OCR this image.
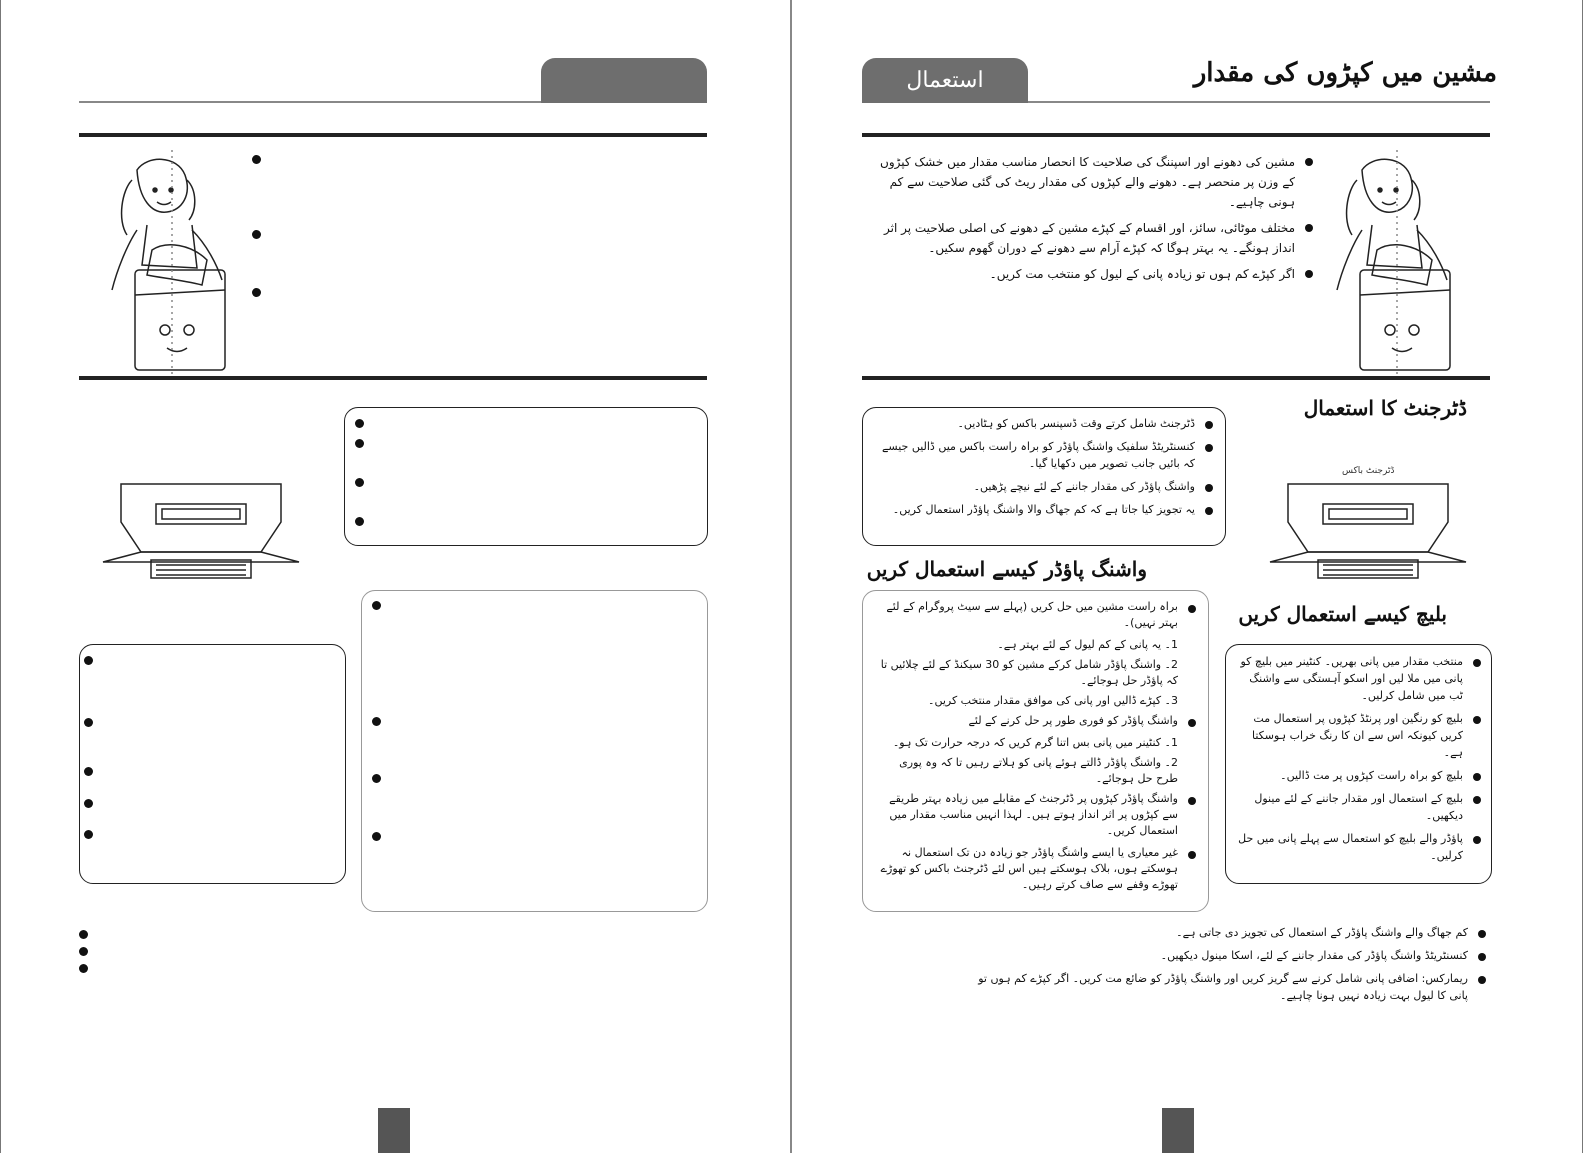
استعمال	مشین میں کپڑوں کی مقدار
مشین کی دھونے اور اسپننگ کی صلاحیت کا انحصار مناسب مقدار میں خشک کپڑوں کے وزن پر منحصر ہے۔ دھونے والے کپڑوں کی مقدار ریٹ کی گئی صلاحیت سے کم ہونی چاہیے۔
مختلف موٹائی، سائز، اور اقسام کے کپڑے مشین کے دھونے کی اصلی صلاحیت پر اثر انداز ہونگے۔ یہ بہتر ہوگا کہ کپڑے آرام سے دھونے کے دوران گھوم سکیں۔
اگر کپڑے کم ہوں تو زیادہ پانی کے لیول کو منتخب مت کریں۔
ڈٹرجنٹ کا استعمال
ڈٹرجنٹ باکس
ڈٹرجنٹ شامل کرتے وقت ڈسپنسر باکس کو ہٹادیں۔
کنسنٹریٹڈ سلفیک واشنگ پاؤڈر کو براہ راست باکس میں ڈالیں جیسے کہ بائیں جانب تصویر میں دکھایا گیا۔
واشنگ پاؤڈر کی مقدار جاننے کے لئے نیچے پڑھیں۔
یہ تجویز کیا جاتا ہے کہ کم جھاگ والا واشنگ پاؤڈر استعمال کریں۔
واشنگ پاؤڈر کیسے استعمال کریں
براہ راست مشین میں حل کریں (پہلے سے سیٹ پروگرام کے لئے بہتر نہیں)۔
1۔ یہ پانی کے کم لیول کے لئے بہتر ہے۔
2۔ واشنگ پاؤڈر شامل کرکے مشین کو 30 سیکنڈ کے لئے چلائیں تا کہ پاؤڈر حل ہوجائے۔
3۔ کپڑے ڈالیں اور پانی کی موافق مقدار منتخب کریں۔
واشنگ پاؤڈر کو فوری طور پر حل کرنے کے لئے
1۔ کنٹینر میں پانی بس اتنا گرم کریں کہ درجہ حرارت تک ہو۔
2۔ واشنگ پاؤڈر ڈالتے ہوئے پانی کو ہلاتے رہیں تا کہ وہ پوری طرح حل ہوجائے۔
واشنگ پاؤڈر کپڑوں پر ڈٹرجنٹ کے مقابلے میں زیادہ بہتر طریقے سے کپڑوں پر اثر انداز ہوتے ہیں۔ لہذا انہیں مناسب مقدار میں استعمال کریں۔
غیر معیاری یا ایسے واشنگ پاؤڈر جو زیادہ دن تک استعمال نہ ہوسکتے ہوں، بلاک ہوسکتے ہیں اس لئے ڈٹرجنٹ باکس کو تھوڑے تھوڑے وقفے سے صاف کرتے رہیں۔
بلیچ کیسے استعمال کریں
منتخب مقدار میں پانی بھریں۔ کنٹینر میں بلیچ کو پانی میں ملا لیں اور اسکو آہستگی سے واشنگ ٹب میں شامل کرلیں۔
بلیچ کو رنگین اور پرنٹڈ کپڑوں پر استعمال مت کریں کیونکہ اس سے ان کا رنگ خراب ہوسکتا ہے۔
بلیچ کو براہ راست کپڑوں پر مت ڈالیں۔
بلیچ کے استعمال اور مقدار جاننے کے لئے مینول دیکھیں۔
پاؤڈر والے بلیچ کو استعمال سے پہلے پانی میں حل کرلیں۔
کم جھاگ والے واشنگ پاؤڈر کے استعمال کی تجویز دی جاتی ہے۔
کنسنٹریٹڈ واشنگ پاؤڈر کی مقدار جاننے کے لئے، اسکا مینول دیکھیں۔
ریمارکس: اضافی پانی شامل کرنے سے گریز کریں اور واشنگ پاؤڈر کو ضائع مت کریں۔ اگر کپڑے کم ہوں تو پانی کا لیول بہت زیادہ نہیں ہونا چاہیے۔
